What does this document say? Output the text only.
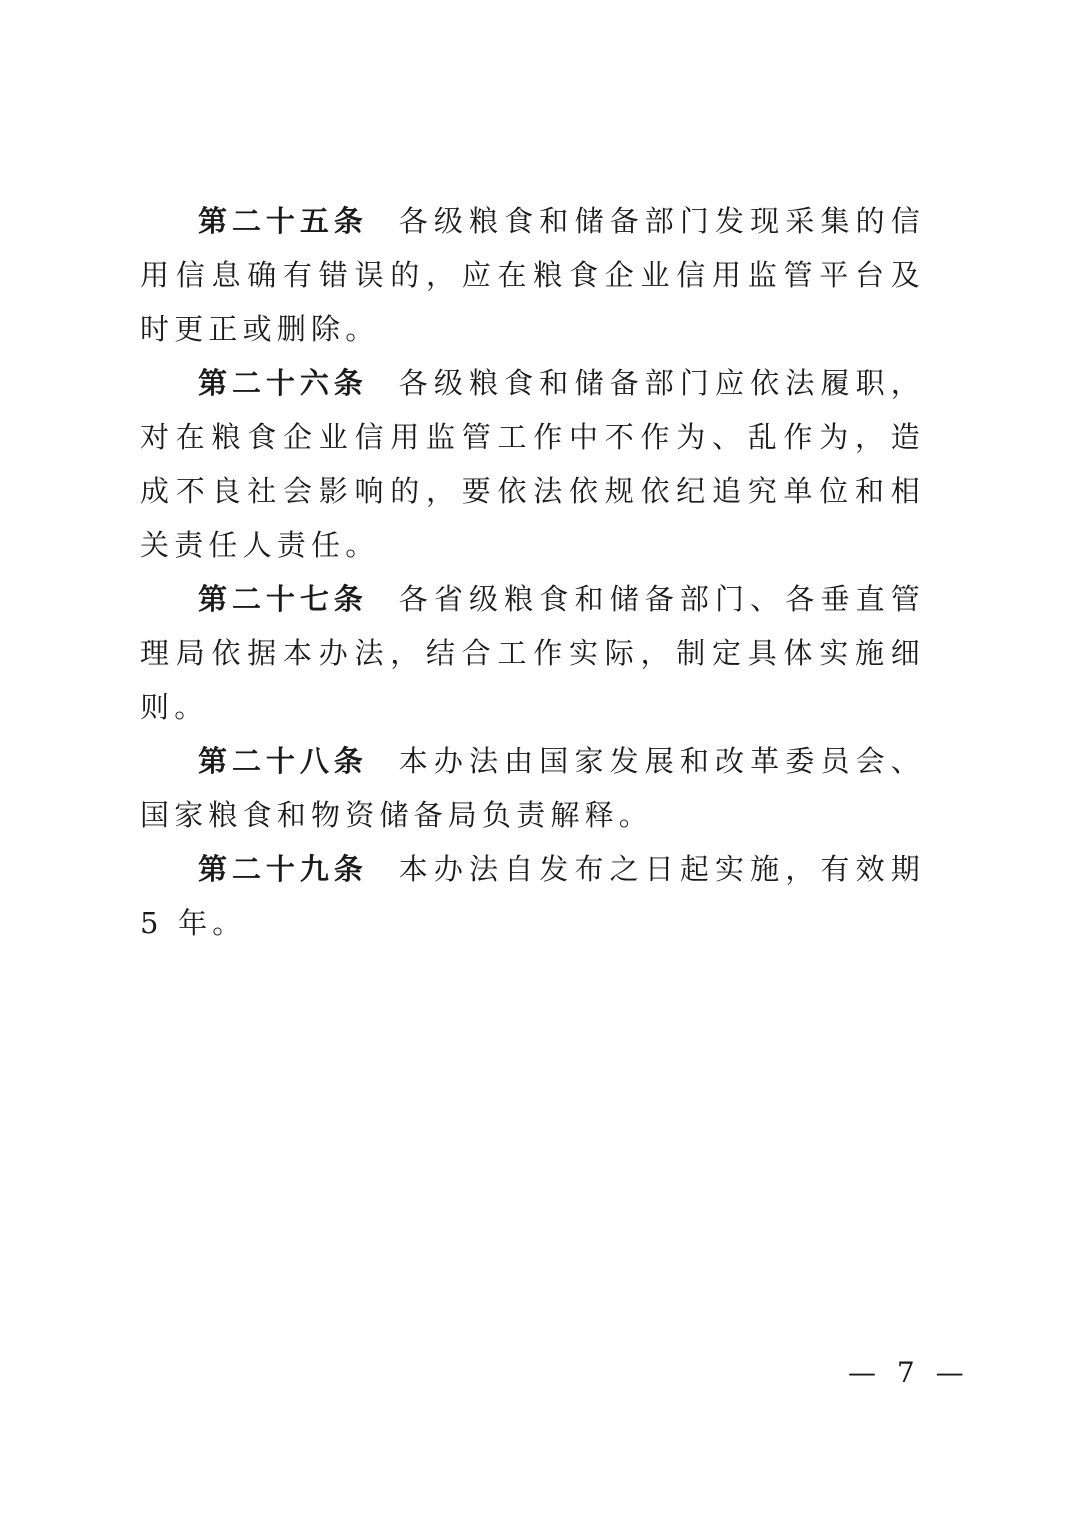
第二十五条 各级粮食和储备部门发现采集的信用信息确有错误的，应在粮食企业信用监管平台及时更正或删除。

第二十六条 各级粮食和储备部门应依法履职，对在粮食企业信用监管工作中不作为、乱作为，造成不良社会影响的，要依法依规依纪追究单位和相关责任人责任。

第二十七条 各省级粮食和储备部门、各垂直管理局依据本办法，结合工作实际，制定具体实施细则。

第二十八条 本办法由国家发展和改革委员会、国家粮食和物资储备局负责解释。

第二十九条 本办法自发布之日起实施，有效期 5 年。

— 7 —
